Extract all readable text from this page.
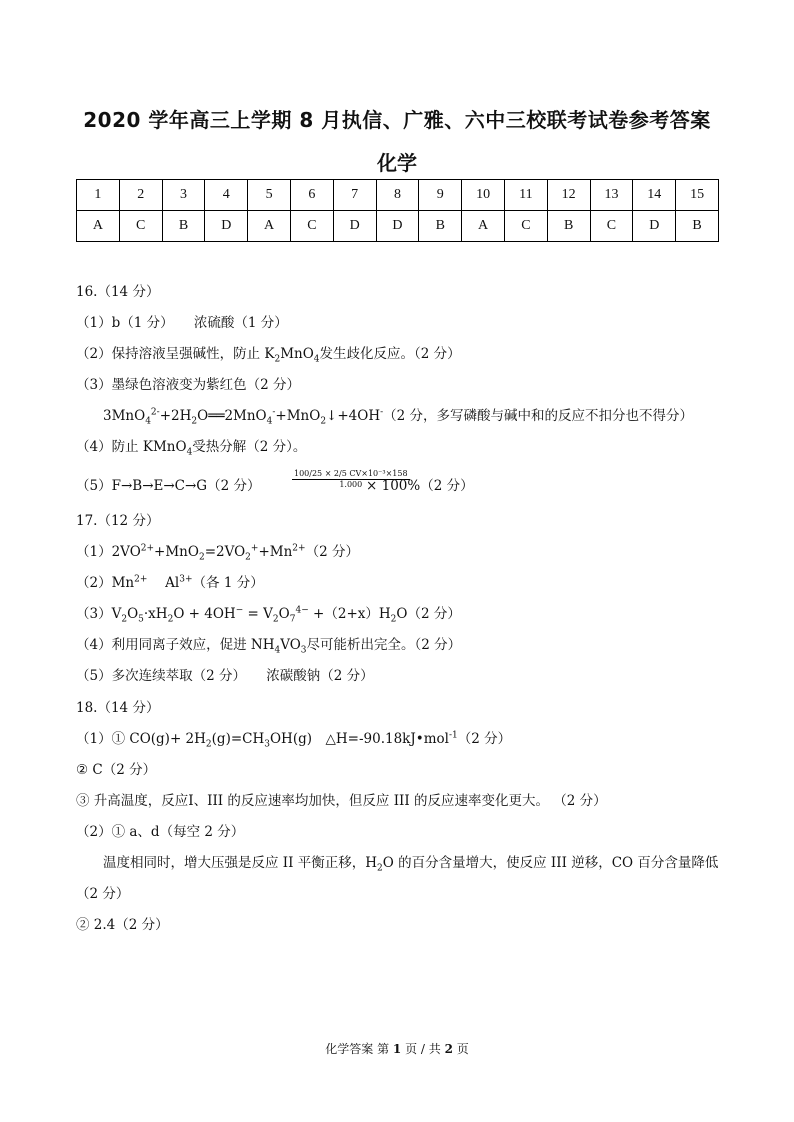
2020 学年高三上学期 8 月执信、广雅、六中三校联考试卷参考答案
化学
1	2	3	4	5	6	7	8	9	10	11	12	13	14	15
A	C	B	D	A	C	D	D	B	A	C	B	C	D	B
16.（14 分）
（1）b（1 分）　　浓硫酸（1 分）
（2）保持溶液呈强碱性，防止 $K_2MnO_4$发生歧化反应。（2 分）
（3）墨绿色溶液变为紫红色（2 分）
$3MnO_4^{2-}+2H_2O══2MnO_4^-+MnO_2↓+4OH^-(2$ 分，多写磷酸与碱中和的反应不扣分也不得分）
（4）防止 KMnO$_4$受热分解（2 分）。
（5）F→B→E→C→G（2 分）	$\frac{\text{100/25 × 2/5 CV×10⁻³×158}}{1.000}$
× 100%（2 分）
17.（12 分）
$(1)2VO^{2+}+MnO_2=2VO_2^++Mn^{2+}(2$ 分）
$(2)Mn^{2+}$　 $Al^{3+}$（各 1 分）
$(3)V_2O_5\cdot xH_2O + 4OH^- = V_2O_7^{4-} +(2+x)H_2O(2$ 分）
（4）利用同离子效应，促进 $NH_4VO_3$尽可能析出完全。（2 分）
（5）多次连续萃取（2 分）　　浓碳酸钠（2 分）
18.（14 分）
（1）① $CO(g)+ 2H_2(g)=CH_3OH(g)$　△H=-90.18kJ•mol$^{-1}$（2 分）
② C（2 分）
③ 升高温度，反应Ⅰ、III 的反应速率均加快，但反应 III 的反应速率变化更大。 （2 分）
（2）① a、d（每空 2 分）
温度相同时，增大压强是反应 II 平衡正移，$H_2O$ 的百分含量增大，使反应 III 逆移，CO 百分含量降低
（2 分）
② 2.4（2 分）
化学答案 第 1 页 / 共 2 页
